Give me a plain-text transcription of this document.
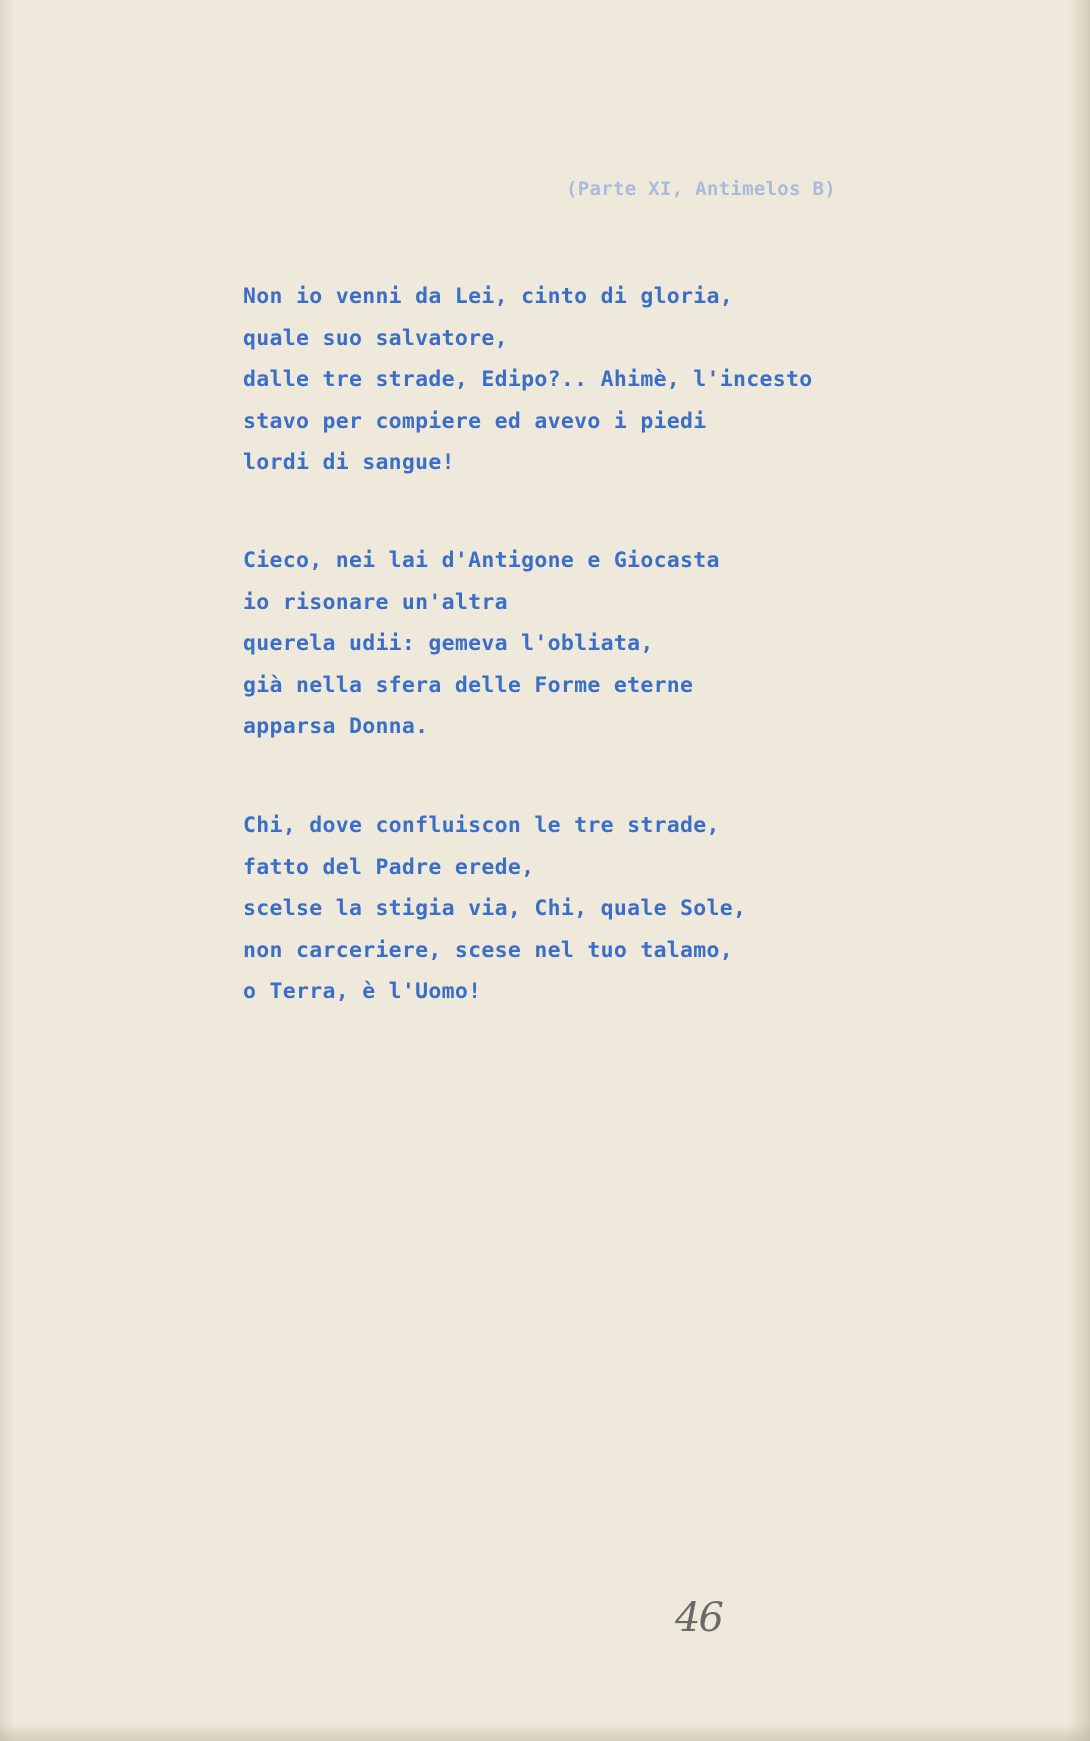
(Parte XI, Antimelos B)
Non io venni da Lei, cinto di gloria,
quale suo salvatore,
dalle tre strade, Edipo?.. Ahimè, l'incesto
stavo per compiere ed avevo i piedi
lordi di sangue!
Cieco, nei lai d'Antigone e Giocasta
io risonare un'altra
querela udii: gemeva l'obliata,
già nella sfera delle Forme eterne
apparsa Donna.
Chi, dove confluiscon le tre strade,
fatto del Padre erede,
scelse la stigia via, Chi, quale Sole,
non carceriere, scese nel tuo talamo,
o Terra, è l'Uomo!
46
